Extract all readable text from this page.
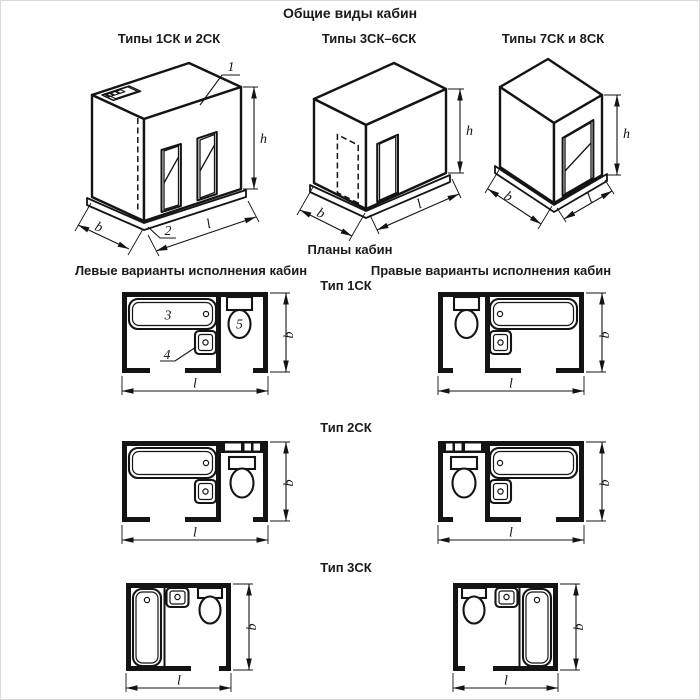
Общие виды кабин
Типы 1СК и 2СК	Типы 3СК–6СК	Типы 7СК и 8СК
Планы кабин
Левые варианты исполнения кабин	Правые варианты исполнения кабин
Тип 1СК
Тип 2СК
Тип 3СК
1
2
h
b	l
h
b
l
h
b	l
3
4
5
b
l
b
l
b
l
b
l
b
l
b
l
